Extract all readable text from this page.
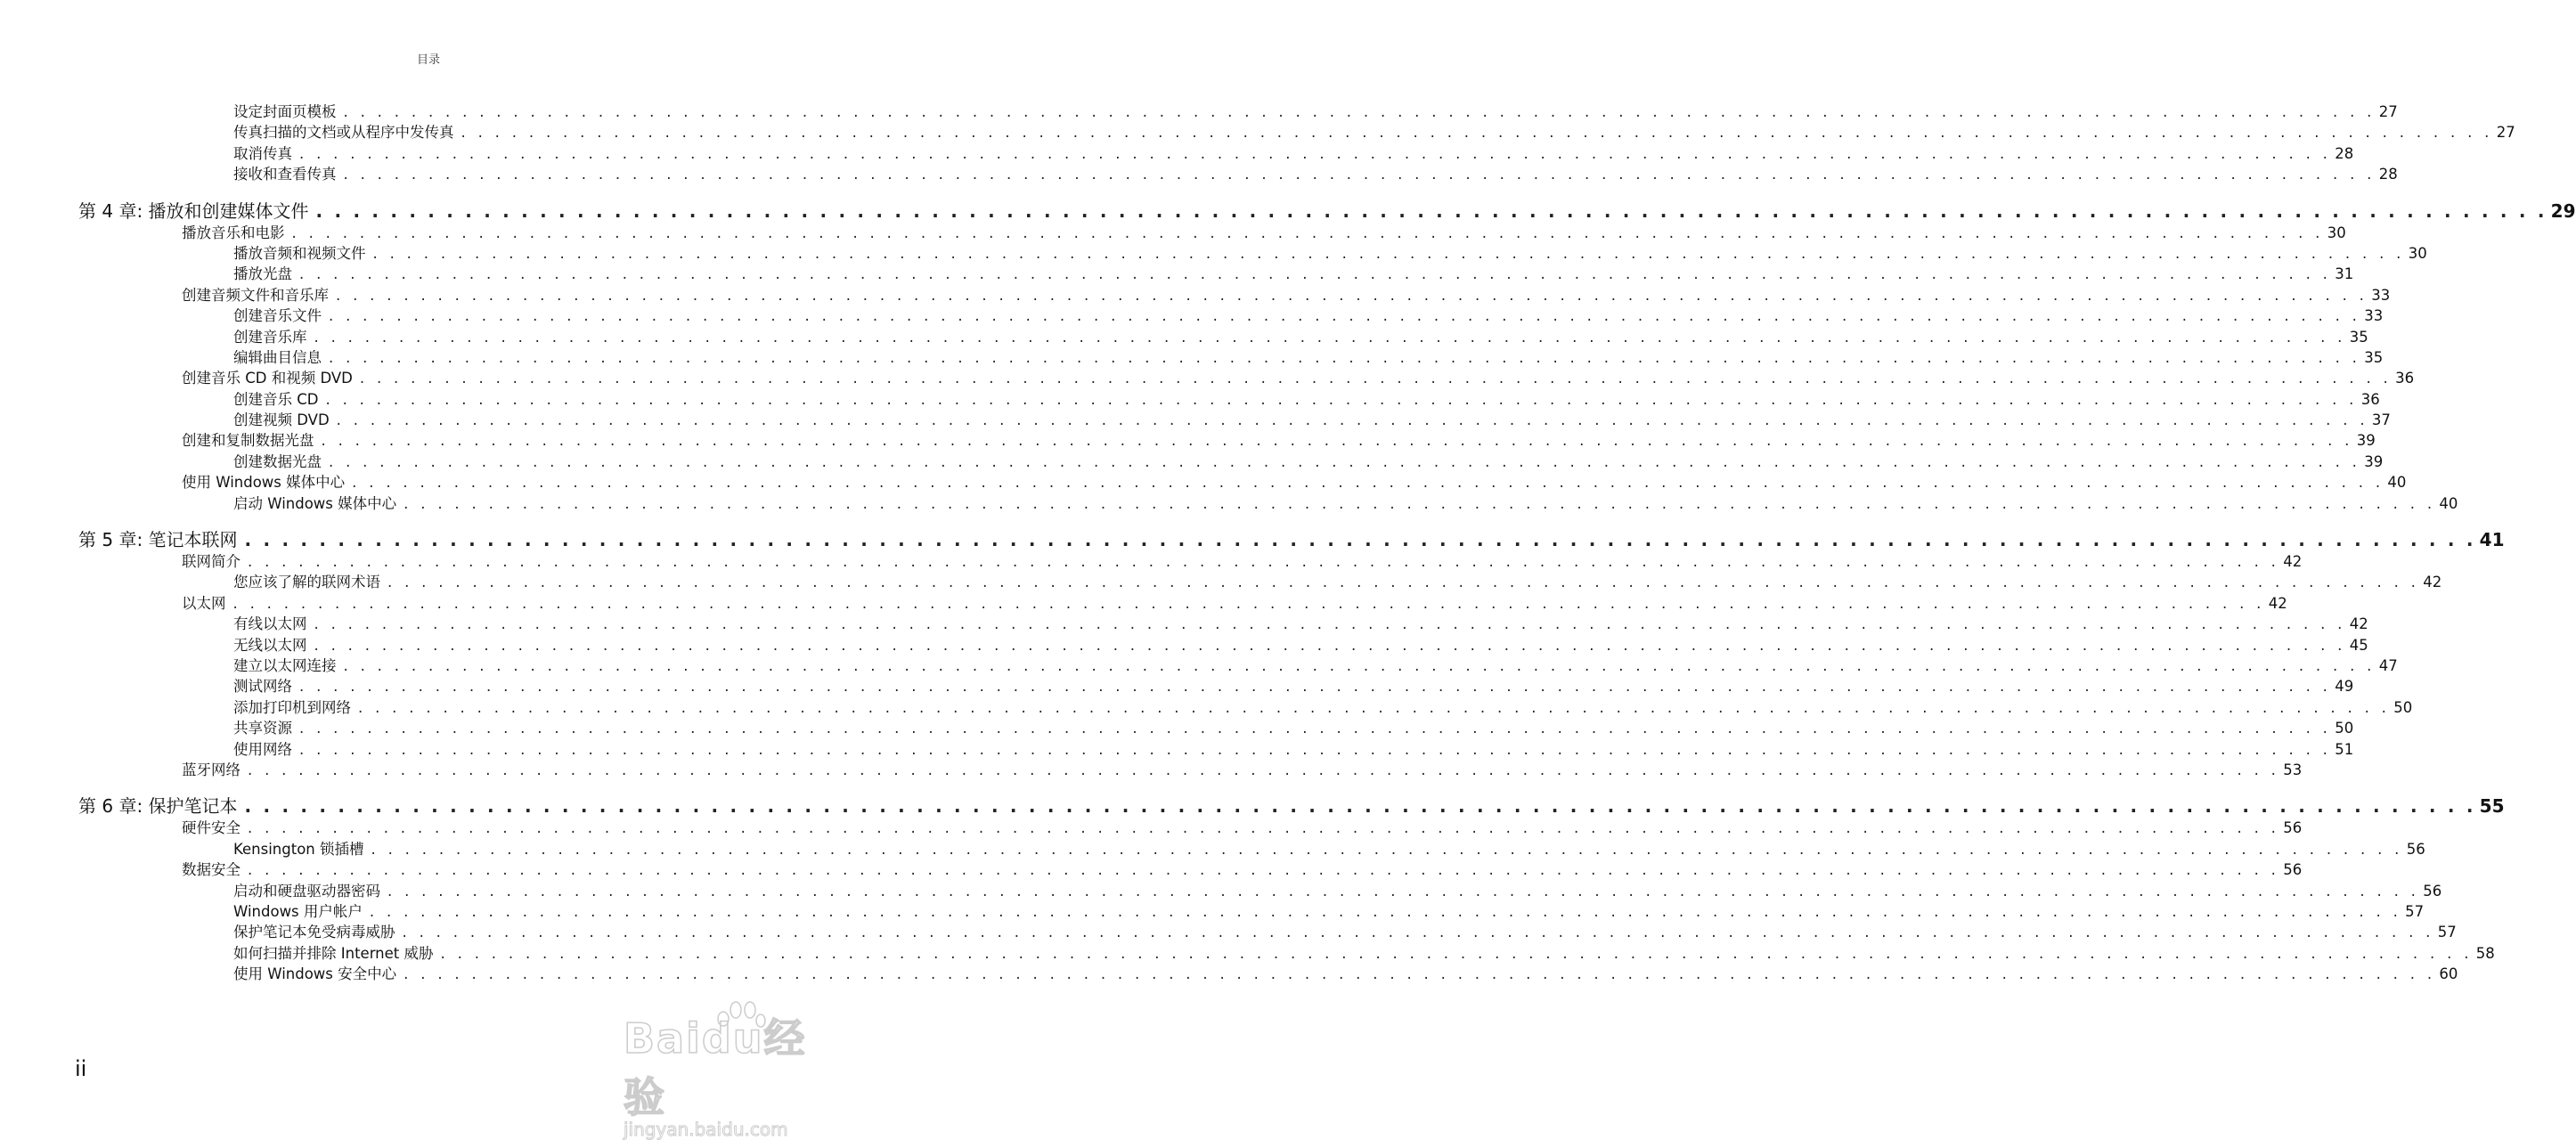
目录
设定封面页模板 . . . . . . . . . . . . . . . . . . . . . . . . . . . . . . . . . . . . . . . . . . . . . . . . . . . . . . . . . . . . . . . . . . . . . . . . . . . . . . . . . . . . . . . . . . . . . . . . . . . . . . . . . . . . . . . . . . . . . . . . 27
传真扫描的文档或从程序中发传真 . . . . . . . . . . . . . . . . . . . . . . . . . . . . . . . . . . . . . . . . . . . . . . . . . . . . . . . . . . . . . . . . . . . . . . . . . . . . . . . . . . . . . . . . . . . . . . . . . . . . . . . . . . . . . . . . . . . . . . . . 27
取消传真 . . . . . . . . . . . . . . . . . . . . . . . . . . . . . . . . . . . . . . . . . . . . . . . . . . . . . . . . . . . . . . . . . . . . . . . . . . . . . . . . . . . . . . . . . . . . . . . . . . . . . . . . . . . . . . . . . . . . . . . . 28
接收和查看传真 . . . . . . . . . . . . . . . . . . . . . . . . . . . . . . . . . . . . . . . . . . . . . . . . . . . . . . . . . . . . . . . . . . . . . . . . . . . . . . . . . . . . . . . . . . . . . . . . . . . . . . . . . . . . . . . . . . . . . . . . 28
第 4 章: 播放和创建媒体文件 . . . . . . . . . . . . . . . . . . . . . . . . . . . . . . . . . . . . . . . . . . . . . . . . . . . . . . . . . . . . . . . . . . . . . . . . . . . . . . . . . . . . . . . . . . . . . . . . . . . . . . . . . . . . . . . . . . . . . . . . 29
播放音乐和电影 . . . . . . . . . . . . . . . . . . . . . . . . . . . . . . . . . . . . . . . . . . . . . . . . . . . . . . . . . . . . . . . . . . . . . . . . . . . . . . . . . . . . . . . . . . . . . . . . . . . . . . . . . . . . . . . . . . . . . . . . 30
播放音频和视频文件 . . . . . . . . . . . . . . . . . . . . . . . . . . . . . . . . . . . . . . . . . . . . . . . . . . . . . . . . . . . . . . . . . . . . . . . . . . . . . . . . . . . . . . . . . . . . . . . . . . . . . . . . . . . . . . . . . . . . . . . . 30
播放光盘 . . . . . . . . . . . . . . . . . . . . . . . . . . . . . . . . . . . . . . . . . . . . . . . . . . . . . . . . . . . . . . . . . . . . . . . . . . . . . . . . . . . . . . . . . . . . . . . . . . . . . . . . . . . . . . . . . . . . . . . . 31
创建音频文件和音乐库 . . . . . . . . . . . . . . . . . . . . . . . . . . . . . . . . . . . . . . . . . . . . . . . . . . . . . . . . . . . . . . . . . . . . . . . . . . . . . . . . . . . . . . . . . . . . . . . . . . . . . . . . . . . . . . . . . . . . . . . . 33
创建音乐文件 . . . . . . . . . . . . . . . . . . . . . . . . . . . . . . . . . . . . . . . . . . . . . . . . . . . . . . . . . . . . . . . . . . . . . . . . . . . . . . . . . . . . . . . . . . . . . . . . . . . . . . . . . . . . . . . . . . . . . . . . 33
创建音乐库 . . . . . . . . . . . . . . . . . . . . . . . . . . . . . . . . . . . . . . . . . . . . . . . . . . . . . . . . . . . . . . . . . . . . . . . . . . . . . . . . . . . . . . . . . . . . . . . . . . . . . . . . . . . . . . . . . . . . . . . . 35
编辑曲目信息 . . . . . . . . . . . . . . . . . . . . . . . . . . . . . . . . . . . . . . . . . . . . . . . . . . . . . . . . . . . . . . . . . . . . . . . . . . . . . . . . . . . . . . . . . . . . . . . . . . . . . . . . . . . . . . . . . . . . . . . . 35
创建音乐 CD 和视频 DVD . . . . . . . . . . . . . . . . . . . . . . . . . . . . . . . . . . . . . . . . . . . . . . . . . . . . . . . . . . . . . . . . . . . . . . . . . . . . . . . . . . . . . . . . . . . . . . . . . . . . . . . . . . . . . . . . . . . . . . . . 36
创建音乐 CD . . . . . . . . . . . . . . . . . . . . . . . . . . . . . . . . . . . . . . . . . . . . . . . . . . . . . . . . . . . . . . . . . . . . . . . . . . . . . . . . . . . . . . . . . . . . . . . . . . . . . . . . . . . . . . . . . . . . . . . . 36
创建视频 DVD . . . . . . . . . . . . . . . . . . . . . . . . . . . . . . . . . . . . . . . . . . . . . . . . . . . . . . . . . . . . . . . . . . . . . . . . . . . . . . . . . . . . . . . . . . . . . . . . . . . . . . . . . . . . . . . . . . . . . . . . 37
创建和复制数据光盘 . . . . . . . . . . . . . . . . . . . . . . . . . . . . . . . . . . . . . . . . . . . . . . . . . . . . . . . . . . . . . . . . . . . . . . . . . . . . . . . . . . . . . . . . . . . . . . . . . . . . . . . . . . . . . . . . . . . . . . . . 39
创建数据光盘 . . . . . . . . . . . . . . . . . . . . . . . . . . . . . . . . . . . . . . . . . . . . . . . . . . . . . . . . . . . . . . . . . . . . . . . . . . . . . . . . . . . . . . . . . . . . . . . . . . . . . . . . . . . . . . . . . . . . . . . . 39
使用 Windows 媒体中心 . . . . . . . . . . . . . . . . . . . . . . . . . . . . . . . . . . . . . . . . . . . . . . . . . . . . . . . . . . . . . . . . . . . . . . . . . . . . . . . . . . . . . . . . . . . . . . . . . . . . . . . . . . . . . . . . . . . . . . . . 40
启动 Windows 媒体中心 . . . . . . . . . . . . . . . . . . . . . . . . . . . . . . . . . . . . . . . . . . . . . . . . . . . . . . . . . . . . . . . . . . . . . . . . . . . . . . . . . . . . . . . . . . . . . . . . . . . . . . . . . . . . . . . . . . . . . . . . 40
第 5 章: 笔记本联网 . . . . . . . . . . . . . . . . . . . . . . . . . . . . . . . . . . . . . . . . . . . . . . . . . . . . . . . . . . . . . . . . . . . . . . . . . . . . . . . . . . . . . . . . . . . . . . . . . . . . . . . . . . . . . . . . . . . . . . . . 41
联网简介 . . . . . . . . . . . . . . . . . . . . . . . . . . . . . . . . . . . . . . . . . . . . . . . . . . . . . . . . . . . . . . . . . . . . . . . . . . . . . . . . . . . . . . . . . . . . . . . . . . . . . . . . . . . . . . . . . . . . . . . . 42
您应该了解的联网术语 . . . . . . . . . . . . . . . . . . . . . . . . . . . . . . . . . . . . . . . . . . . . . . . . . . . . . . . . . . . . . . . . . . . . . . . . . . . . . . . . . . . . . . . . . . . . . . . . . . . . . . . . . . . . . . . . . . . . . . . . 42
以太网 . . . . . . . . . . . . . . . . . . . . . . . . . . . . . . . . . . . . . . . . . . . . . . . . . . . . . . . . . . . . . . . . . . . . . . . . . . . . . . . . . . . . . . . . . . . . . . . . . . . . . . . . . . . . . . . . . . . . . . . . 42
有线以太网 . . . . . . . . . . . . . . . . . . . . . . . . . . . . . . . . . . . . . . . . . . . . . . . . . . . . . . . . . . . . . . . . . . . . . . . . . . . . . . . . . . . . . . . . . . . . . . . . . . . . . . . . . . . . . . . . . . . . . . . . 42
无线以太网 . . . . . . . . . . . . . . . . . . . . . . . . . . . . . . . . . . . . . . . . . . . . . . . . . . . . . . . . . . . . . . . . . . . . . . . . . . . . . . . . . . . . . . . . . . . . . . . . . . . . . . . . . . . . . . . . . . . . . . . . 45
建立以太网连接 . . . . . . . . . . . . . . . . . . . . . . . . . . . . . . . . . . . . . . . . . . . . . . . . . . . . . . . . . . . . . . . . . . . . . . . . . . . . . . . . . . . . . . . . . . . . . . . . . . . . . . . . . . . . . . . . . . . . . . . . 47
测试网络 . . . . . . . . . . . . . . . . . . . . . . . . . . . . . . . . . . . . . . . . . . . . . . . . . . . . . . . . . . . . . . . . . . . . . . . . . . . . . . . . . . . . . . . . . . . . . . . . . . . . . . . . . . . . . . . . . . . . . . . . 49
添加打印机到网络 . . . . . . . . . . . . . . . . . . . . . . . . . . . . . . . . . . . . . . . . . . . . . . . . . . . . . . . . . . . . . . . . . . . . . . . . . . . . . . . . . . . . . . . . . . . . . . . . . . . . . . . . . . . . . . . . . . . . . . . . 50
共享资源 . . . . . . . . . . . . . . . . . . . . . . . . . . . . . . . . . . . . . . . . . . . . . . . . . . . . . . . . . . . . . . . . . . . . . . . . . . . . . . . . . . . . . . . . . . . . . . . . . . . . . . . . . . . . . . . . . . . . . . . . 50
使用网络 . . . . . . . . . . . . . . . . . . . . . . . . . . . . . . . . . . . . . . . . . . . . . . . . . . . . . . . . . . . . . . . . . . . . . . . . . . . . . . . . . . . . . . . . . . . . . . . . . . . . . . . . . . . . . . . . . . . . . . . . 51
蓝牙网络 . . . . . . . . . . . . . . . . . . . . . . . . . . . . . . . . . . . . . . . . . . . . . . . . . . . . . . . . . . . . . . . . . . . . . . . . . . . . . . . . . . . . . . . . . . . . . . . . . . . . . . . . . . . . . . . . . . . . . . . . 53
第 6 章: 保护笔记本 . . . . . . . . . . . . . . . . . . . . . . . . . . . . . . . . . . . . . . . . . . . . . . . . . . . . . . . . . . . . . . . . . . . . . . . . . . . . . . . . . . . . . . . . . . . . . . . . . . . . . . . . . . . . . . . . . . . . . . . . 55
硬件安全 . . . . . . . . . . . . . . . . . . . . . . . . . . . . . . . . . . . . . . . . . . . . . . . . . . . . . . . . . . . . . . . . . . . . . . . . . . . . . . . . . . . . . . . . . . . . . . . . . . . . . . . . . . . . . . . . . . . . . . . . 56
Kensington 锁插槽 . . . . . . . . . . . . . . . . . . . . . . . . . . . . . . . . . . . . . . . . . . . . . . . . . . . . . . . . . . . . . . . . . . . . . . . . . . . . . . . . . . . . . . . . . . . . . . . . . . . . . . . . . . . . . . . . . . . . . . . . 56
数据安全 . . . . . . . . . . . . . . . . . . . . . . . . . . . . . . . . . . . . . . . . . . . . . . . . . . . . . . . . . . . . . . . . . . . . . . . . . . . . . . . . . . . . . . . . . . . . . . . . . . . . . . . . . . . . . . . . . . . . . . . . 56
启动和硬盘驱动器密码 . . . . . . . . . . . . . . . . . . . . . . . . . . . . . . . . . . . . . . . . . . . . . . . . . . . . . . . . . . . . . . . . . . . . . . . . . . . . . . . . . . . . . . . . . . . . . . . . . . . . . . . . . . . . . . . . . . . . . . . . 56
Windows 用户帐户 . . . . . . . . . . . . . . . . . . . . . . . . . . . . . . . . . . . . . . . . . . . . . . . . . . . . . . . . . . . . . . . . . . . . . . . . . . . . . . . . . . . . . . . . . . . . . . . . . . . . . . . . . . . . . . . . . . . . . . . . 57
保护笔记本免受病毒威胁 . . . . . . . . . . . . . . . . . . . . . . . . . . . . . . . . . . . . . . . . . . . . . . . . . . . . . . . . . . . . . . . . . . . . . . . . . . . . . . . . . . . . . . . . . . . . . . . . . . . . . . . . . . . . . . . . . . . . . . . . 57
如何扫描并排除 Internet 威胁 . . . . . . . . . . . . . . . . . . . . . . . . . . . . . . . . . . . . . . . . . . . . . . . . . . . . . . . . . . . . . . . . . . . . . . . . . . . . . . . . . . . . . . . . . . . . . . . . . . . . . . . . . . . . . . . . . . . . . . . . 58
使用 Windows 安全中心 . . . . . . . . . . . . . . . . . . . . . . . . . . . . . . . . . . . . . . . . . . . . . . . . . . . . . . . . . . . . . . . . . . . . . . . . . . . . . . . . . . . . . . . . . . . . . . . . . . . . . . . . . . . . . . . . . . . . . . . . 60
ii
Baidu经验
jingyan.baidu.com
